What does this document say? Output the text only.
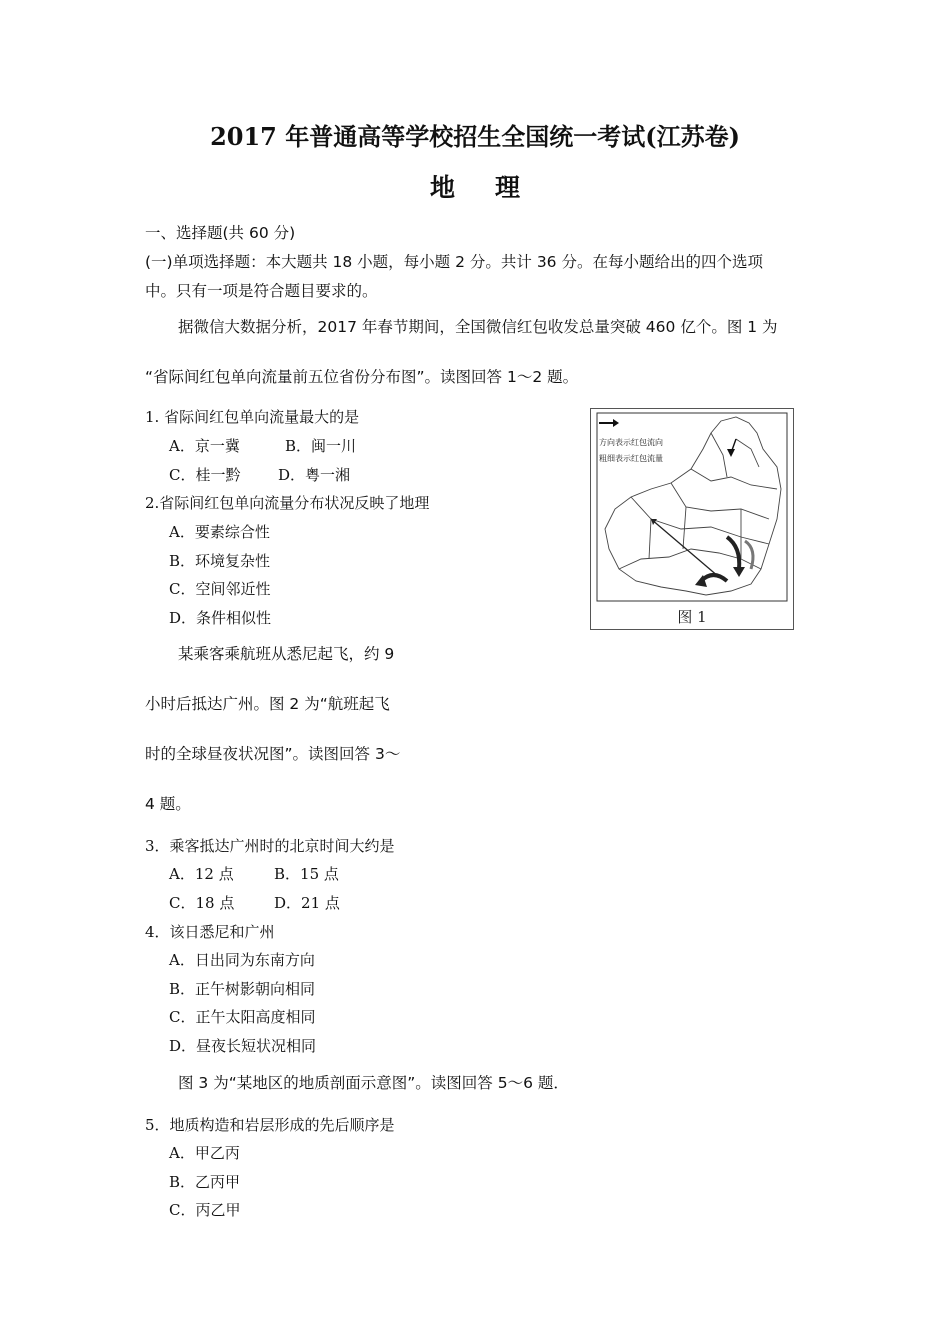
2017 年普通高等学校招生全国统一考试(江苏卷)
地理
一、选择题(共 60 分)
(一)单项选择题：本大题共 18 小题，每小题 2 分。共计 36 分。在每小题给出的四个选项
中。只有一项是符合题目要求的。
据微信大数据分析，2017 年春节期间，全国微信红包收发总量突破 460 亿个。图 1 为
“省际间红包单向流量前五位省份分布图”。读图回答 1～2 题。
1. 省际间红包单向流量最大的是
A．京一冀	B．闽一川
C．桂一黔	D．粤一湘
2.省际间红包单向流量分布状况反映了地理
A．要素综合性
B．环境复杂性
C．空间邻近性
D．条件相似性
方向表示红包流向
粗细表示红包流量
图 1
某乘客乘航班从悉尼起飞，约 9
小时后抵达广州。图 2 为“航班起飞
时的全球昼夜状况图”。读图回答 3～
4 题。
3．乘客抵达广州时的北京时间大约是
A．12 点	B．15 点
C．18 点	D．21 点
4．该日悉尼和广州
A．日出同为东南方向
B．正午树影朝向相同
C．正午太阳高度相同
D．昼夜长短状况相同
图 3 为“某地区的地质剖面示意图”。读图回答 5～6 题．
5．地质构造和岩层形成的先后顺序是
A．甲乙丙
B．乙丙甲
C．丙乙甲
